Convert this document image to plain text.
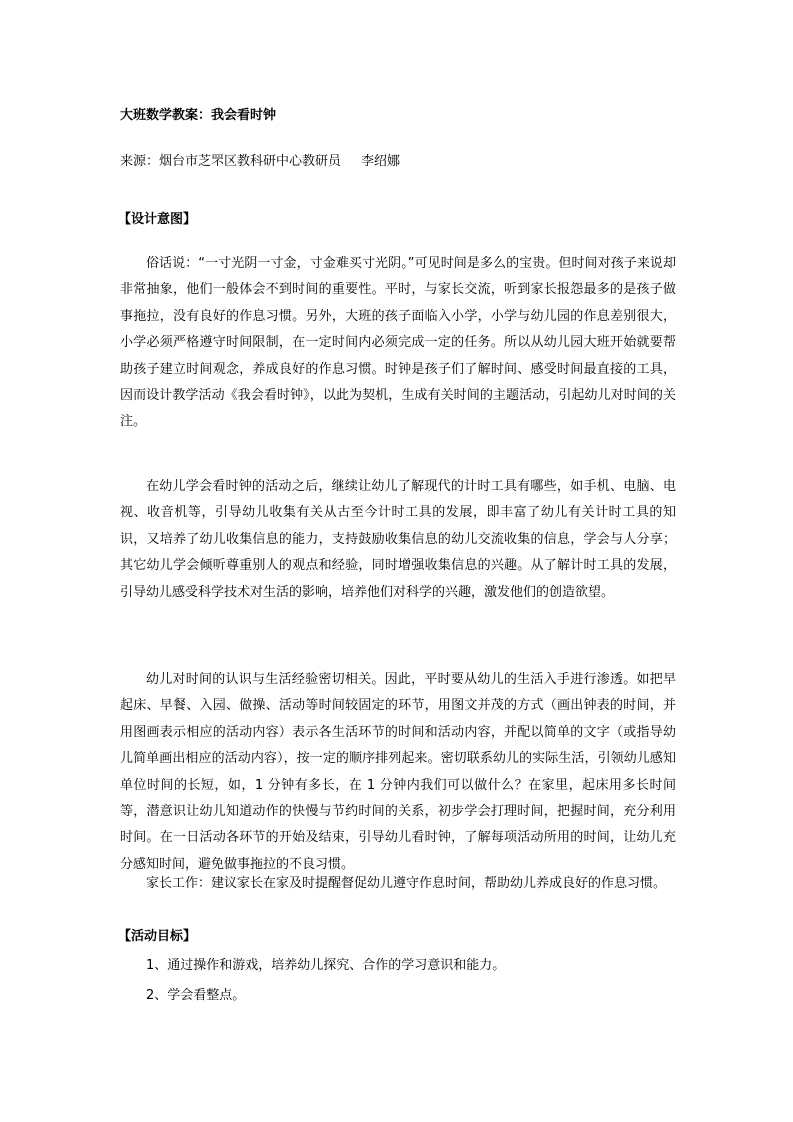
大班数学教案：我会看时钟
来源：烟台市芝罘区教科研中心教研员 李绍娜
【设计意图】

俗话说：“一寸光阴一寸金，寸金难买寸光阴。”可见时间是多么的宝贵。但时间对孩子来说却非常抽象，他们一般体会不到时间的重要性。平时，与家长交流，听到家长报怨最多的是孩子做事拖拉，没有良好的作息习惯。另外，大班的孩子面临入小学，小学与幼儿园的作息差别很大，小学必须严格遵守时间限制，在一定时间内必须完成一定的任务。所以从幼儿园大班开始就要帮助孩子建立时间观念，养成良好的作息习惯。时钟是孩子们了解时间、感受时间最直接的工具，因而设计教学活动《我会看时钟》，以此为契机，生成有关时间的主题活动，引起幼儿对时间的关注。

在幼儿学会看时钟的活动之后，继续让幼儿了解现代的计时工具有哪些，如手机、电脑、电视、收音机等，引导幼儿收集有关从古至今计时工具的发展，即丰富了幼儿有关计时工具的知识，又培养了幼儿收集信息的能力，支持鼓励收集信息的幼儿交流收集的信息，学会与人分享；其它幼儿学会倾听尊重别人的观点和经验，同时增强收集信息的兴趣。从了解计时工具的发展，引导幼儿感受科学技术对生活的影响，培养他们对科学的兴趣，激发他们的创造欲望。

幼儿对时间的认识与生活经验密切相关。因此，平时要从幼儿的生活入手进行渗透。如把早起床、早餐、入园、做操、活动等时间较固定的环节，用图文并茂的方式（画出钟表的时间，并用图画表示相应的活动内容）表示各生活环节的时间和活动内容，并配以简单的文字（或指导幼儿简单画出相应的活动内容），按一定的顺序排列起来。密切联系幼儿的实际生活，引领幼儿感知单位时间的长短，如，1 分钟有多长，在 1 分钟内我们可以做什么？在家里，起床用多长时间等，潜意识让幼儿知道动作的快慢与节约时间的关系，初步学会打理时间，把握时间，充分利用时间。在一日活动各环节的开始及结束，引导幼儿看时钟，了解每项活动所用的时间，让幼儿充分感知时间，避免做事拖拉的不良习惯。

家长工作：建议家长在家及时提醒督促幼儿遵守作息时间，帮助幼儿养成良好的作息习惯。

【活动目标】
1、通过操作和游戏，培养幼儿探究、合作的学习意识和能力。
2、学会看整点。
